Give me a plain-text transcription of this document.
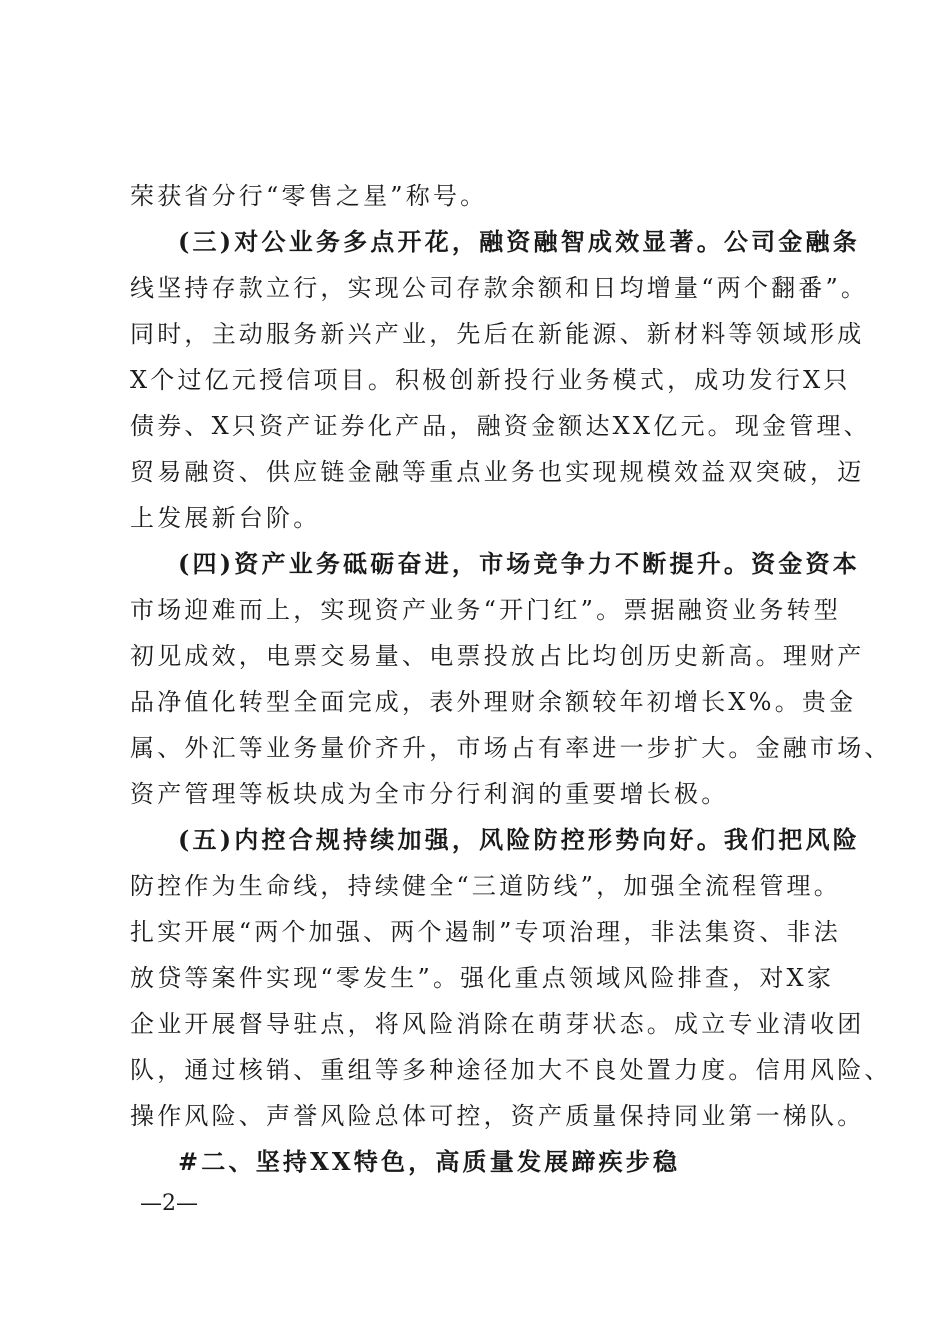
荣获省分行“零售之星”称号。
(三)对公业务多点开花，融资融智成效显著。公司金融条
线坚持存款立行，实现公司存款余额和日均增量“两个翻番”。
同时，主动服务新兴产业，先后在新能源、新材料等领域形成
X个过亿元授信项目。积极创新投行业务模式，成功发行X只
债券、X只资产证券化产品，融资金额达XX亿元。现金管理、
贸易融资、供应链金融等重点业务也实现规模效益双突破，迈
上发展新台阶。
(四)资产业务砥砺奋进，市场竞争力不断提升。资金资本
市场迎难而上，实现资产业务“开门红”。票据融资业务转型
初见成效，电票交易量、电票投放占比均创历史新高。理财产
品净值化转型全面完成，表外理财余额较年初增长X%。贵金
属、外汇等业务量价齐升，市场占有率进一步扩大。金融市场、
资产管理等板块成为全市分行利润的重要增长极。
(五)内控合规持续加强，风险防控形势向好。我们把风险
防控作为生命线，持续健全“三道防线”，加强全流程管理。
扎实开展“两个加强、两个遏制”专项治理，非法集资、非法
放贷等案件实现“零发生”。强化重点领域风险排查，对X家
企业开展督导驻点，将风险消除在萌芽状态。成立专业清收团
队，通过核销、重组等多种途径加大不良处置力度。信用风险、
操作风险、声誉风险总体可控，资产质量保持同业第一梯队。
#二、坚持XX特色，高质量发展蹄疾步稳
—2—
